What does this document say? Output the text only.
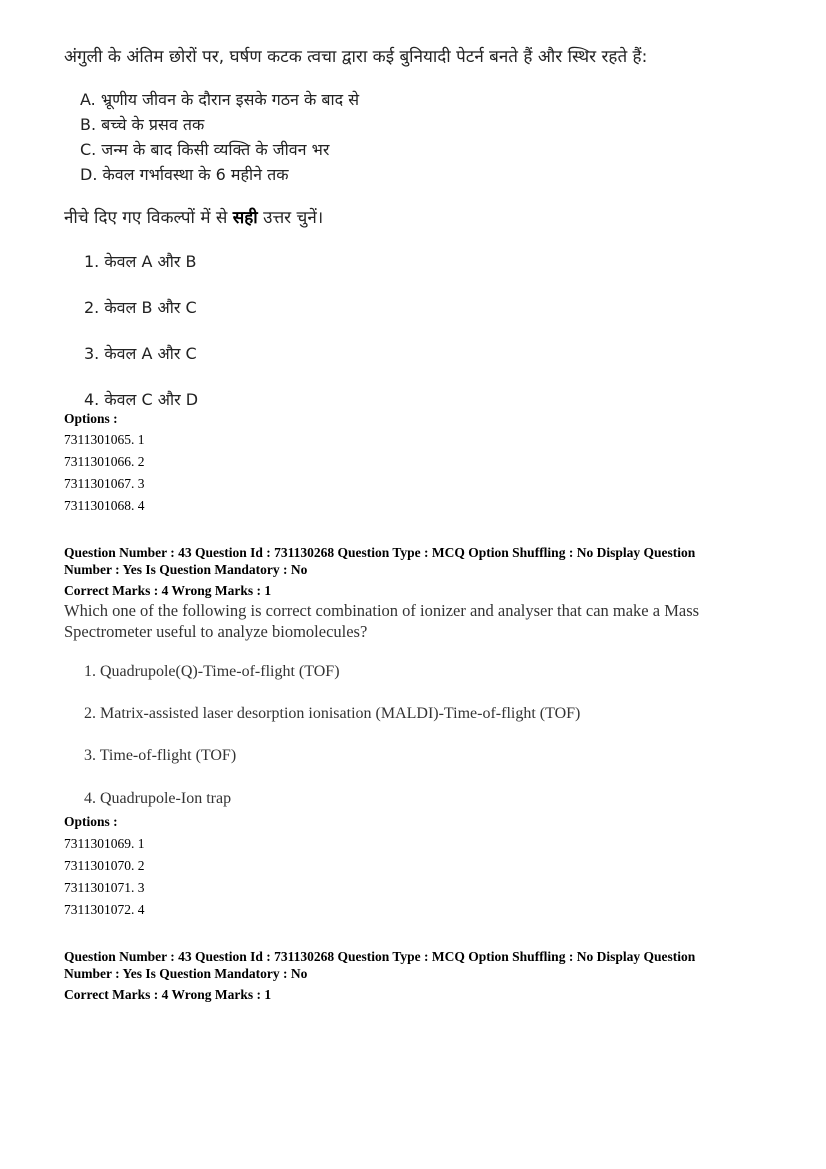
अंगुली के अंतिम छोरों पर, घर्षण कटक त्वचा द्वारा कई बुनियादी पेटर्न बनते हैं और स्थिर रहते हैं:
A. भ्रूणीय जीवन के दौरान इसके गठन के बाद से
B. बच्चे के प्रसव तक
C. जन्म के बाद किसी व्यक्ति के जीवन भर
D. केवल गर्भावस्था के 6 महीने तक
नीचे दिए गए विकल्पों में से सही उत्तर चुनें।
1. केवल A और B
2. केवल B और C
3. केवल A और C
4. केवल C और D
Options :
7311301065. 1
7311301066. 2
7311301067. 3
7311301068. 4
Question Number : 43 Question Id : 731130268 Question Type : MCQ Option Shuffling : No Display Question
Number : Yes Is Question Mandatory : No
Correct Marks : 4 Wrong Marks : 1
Which one of the following is correct combination of ionizer and analyser that can make a Mass
Spectrometer useful to analyze biomolecules?
1. Quadrupole(Q)-Time-of-flight (TOF)
2. Matrix-assisted laser desorption ionisation (MALDI)-Time-of-flight (TOF)
3. Time-of-flight (TOF)
4. Quadrupole-Ion trap
Options :
7311301069. 1
7311301070. 2
7311301071. 3
7311301072. 4
Question Number : 43 Question Id : 731130268 Question Type : MCQ Option Shuffling : No Display Question
Number : Yes Is Question Mandatory : No
Correct Marks : 4 Wrong Marks : 1
